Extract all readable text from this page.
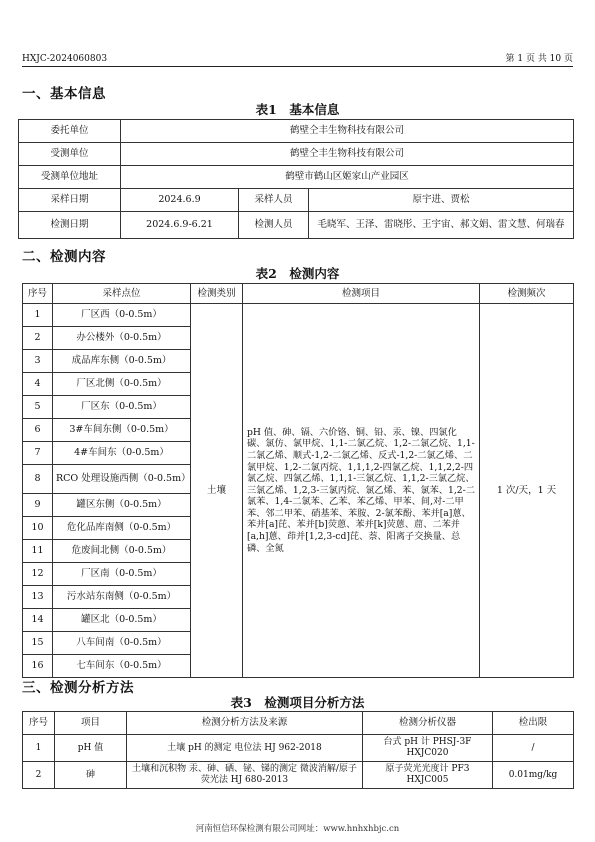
HXJC-2024060803	第 1 页 共 10 页
一、基本信息
表1　基本信息
委托单位	鹤壁仝丰生物科技有限公司		
受测单位	鹤壁仝丰生物科技有限公司		
受测单位地址	鹤壁市鹤山区姬家山产业园区		
采样日期	2024.6.9	采样人员	原宇进、贾松
检测日期	2024.6.9-6.21	检测人员	毛晓军、王泽、雷晓彤、王宇宙、郝文娟、雷文慧、何瑞春
二、检测内容
表2　检测内容
序号	采样点位	检测类别	检测项目	检测频次
1	厂区西（0-0.5m）	土壤	pH 值、砷、镉、六价铬、铜、铅、汞、镍、四氯化碳、氯仿、氯甲烷、1,1-二氯乙烷、1,2-二氯乙烷、1,1-二氯乙烯、顺式-1,2-二氯乙烯、反式-1,2-二氯乙烯、二氯甲烷、1,2-二氯丙烷、1,1,1,2-四氯乙烷、1,1,2,2-四氯乙烷、四氯乙烯、1,1,1-三氯乙烷、1,1,2-三氯乙烷、三氯乙烯、1,2,3-三氯丙烷、氯乙烯、苯、氯苯、1,2-二氯苯、1,4-二氯苯、乙苯、苯乙烯、甲苯、间,对-二甲苯、邻二甲苯、硝基苯、苯胺、2-氯苯酚、苯并[a]蒽、苯并[a]芘、苯并[b]荧蒽、苯并[k]荧蒽、䓛、二苯并[a,h]蒽、茚并[1,2,3-cd]芘、萘、阳离子交换量、总磷、全氮	1 次/天，1 天
2	办公楼外（0-0.5m）			
3	成品库东侧（0-0.5m）			
4	厂区北侧（0-0.5m）			
5	厂区东（0-0.5m）			
6	3#车间东侧（0-0.5m）			
7	4#车间东（0-0.5m）			
8	RCO 处理设施西侧（0-0.5m）			
9	罐区东侧（0-0.5m）			
10	危化品库南侧（0-0.5m）			
11	危废间北侧（0-0.5m）			
12	厂区南（0-0.5m）			
13	污水站东南侧（0-0.5m）			
14	罐区北（0-0.5m）			
15	八车间南（0-0.5m）			
16	七车间东（0-0.5m）			
三、检测分析方法
表3　检测项目分析方法
序号	项目	检测分析方法及来源	检测分析仪器	检出限
1	pH 值	土壤 pH 的测定 电位法 HJ 962-2018	台式 pH 计 PHSJ-3F HXJC020	/
2	砷	土壤和沉积物 汞、砷、硒、铋、锑的测定 微波消解/原子荧光法 HJ 680-2013	原子荧光光度计 PF3　HXJC005	0.01mg/kg
河南恒信环保检测有限公司网址：www.hnhxhbjc.cn
